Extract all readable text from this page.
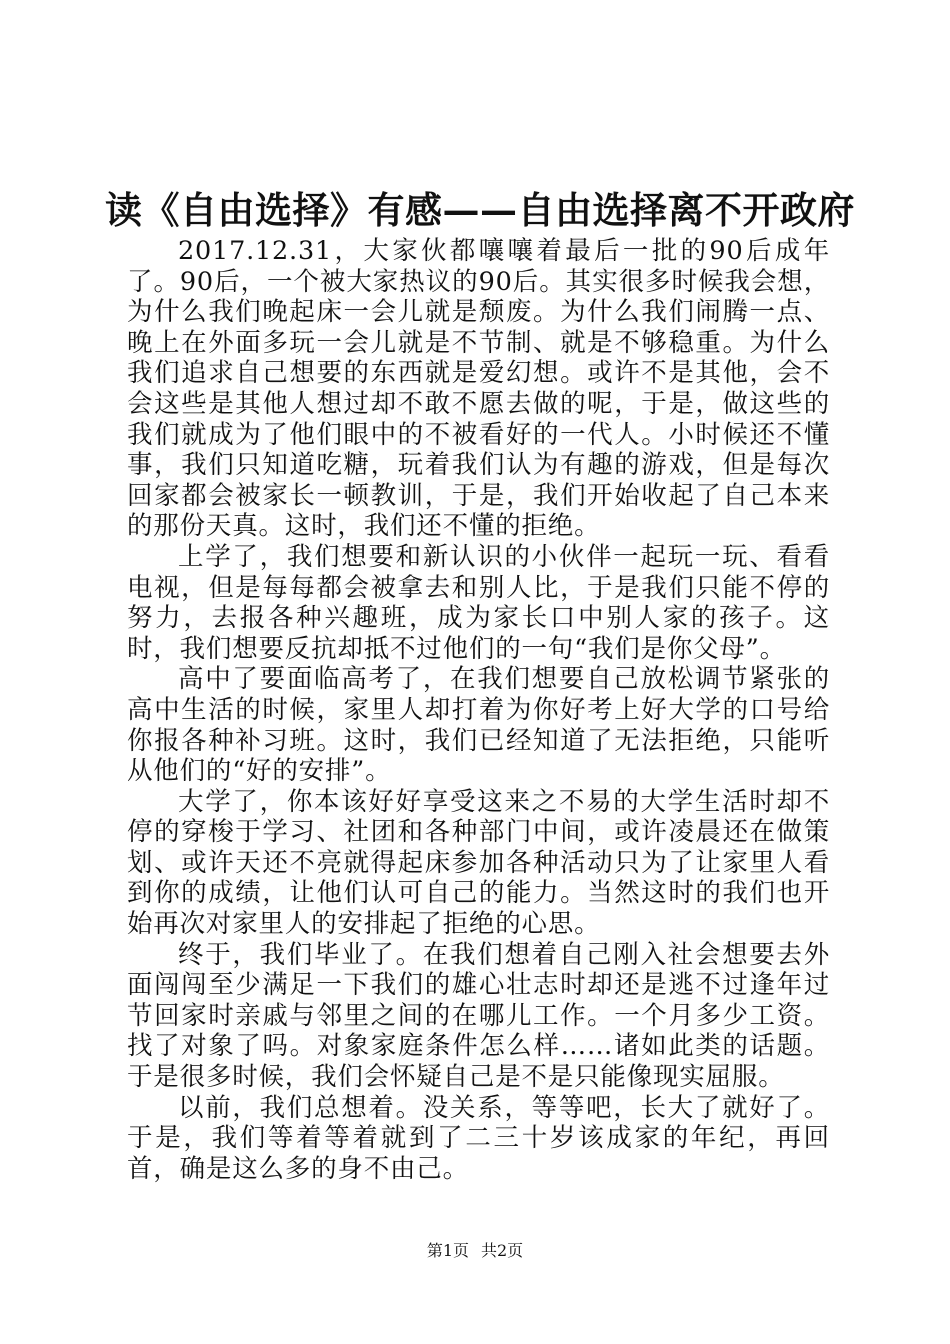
读《自由选择》有感——自由选择离不开政府

2017.12.31，大家伙都嚷嚷着最后一批的90后成年了。90后，一个被大家热议的90后。其实很多时候我会想，为什么我们晚起床一会儿就是颓废。为什么我们闹腾一点、晚上在外面多玩一会儿就是不节制、就是不够稳重。为什么我们追求自己想要的东西就是爱幻想。或许不是其他，会不会这些是其他人想过却不敢不愿去做的呢，于是，做这些的我们就成为了他们眼中的不被看好的一代人。小时候还不懂事，我们只知道吃糖，玩着我们认为有趣的游戏，但是每次回家都会被家长一顿教训，于是，我们开始收起了自己本来的那份天真。这时，我们还不懂的拒绝。

上学了，我们想要和新认识的小伙伴一起玩一玩、看看电视，但是每每都会被拿去和别人比，于是我们只能不停的努力，去报各种兴趣班，成为家长口中别人家的孩子。这时，我们想要反抗却抵不过他们的一句“我们是你父母”。

高中了要面临高考了，在我们想要自己放松调节紧张的高中生活的时候，家里人却打着为你好考上好大学的口号给你报各种补习班。这时，我们已经知道了无法拒绝，只能听从他们的“好的安排”。

大学了，你本该好好享受这来之不易的大学生活时却不停的穿梭于学习、社团和各种部门中间，或许凌晨还在做策划、或许天还不亮就得起床参加各种活动只为了让家里人看到你的成绩，让他们认可自己的能力。当然这时的我们也开始再次对家里人的安排起了拒绝的心思。

终于，我们毕业了。在我们想着自己刚入社会想要去外面闯闯至少满足一下我们的雄心壮志时却还是逃不过逢年过节回家时亲戚与邻里之间的在哪儿工作。一个月多少工资。找了对象了吗。对象家庭条件怎么样……诸如此类的话题。于是很多时候，我们会怀疑自己是不是只能像现实屈服。

以前，我们总想着。没关系，等等吧，长大了就好了。于是，我们等着等着就到了二三十岁该成家的年纪，再回首，确是这么多的身不由己。

第1页 共2页
